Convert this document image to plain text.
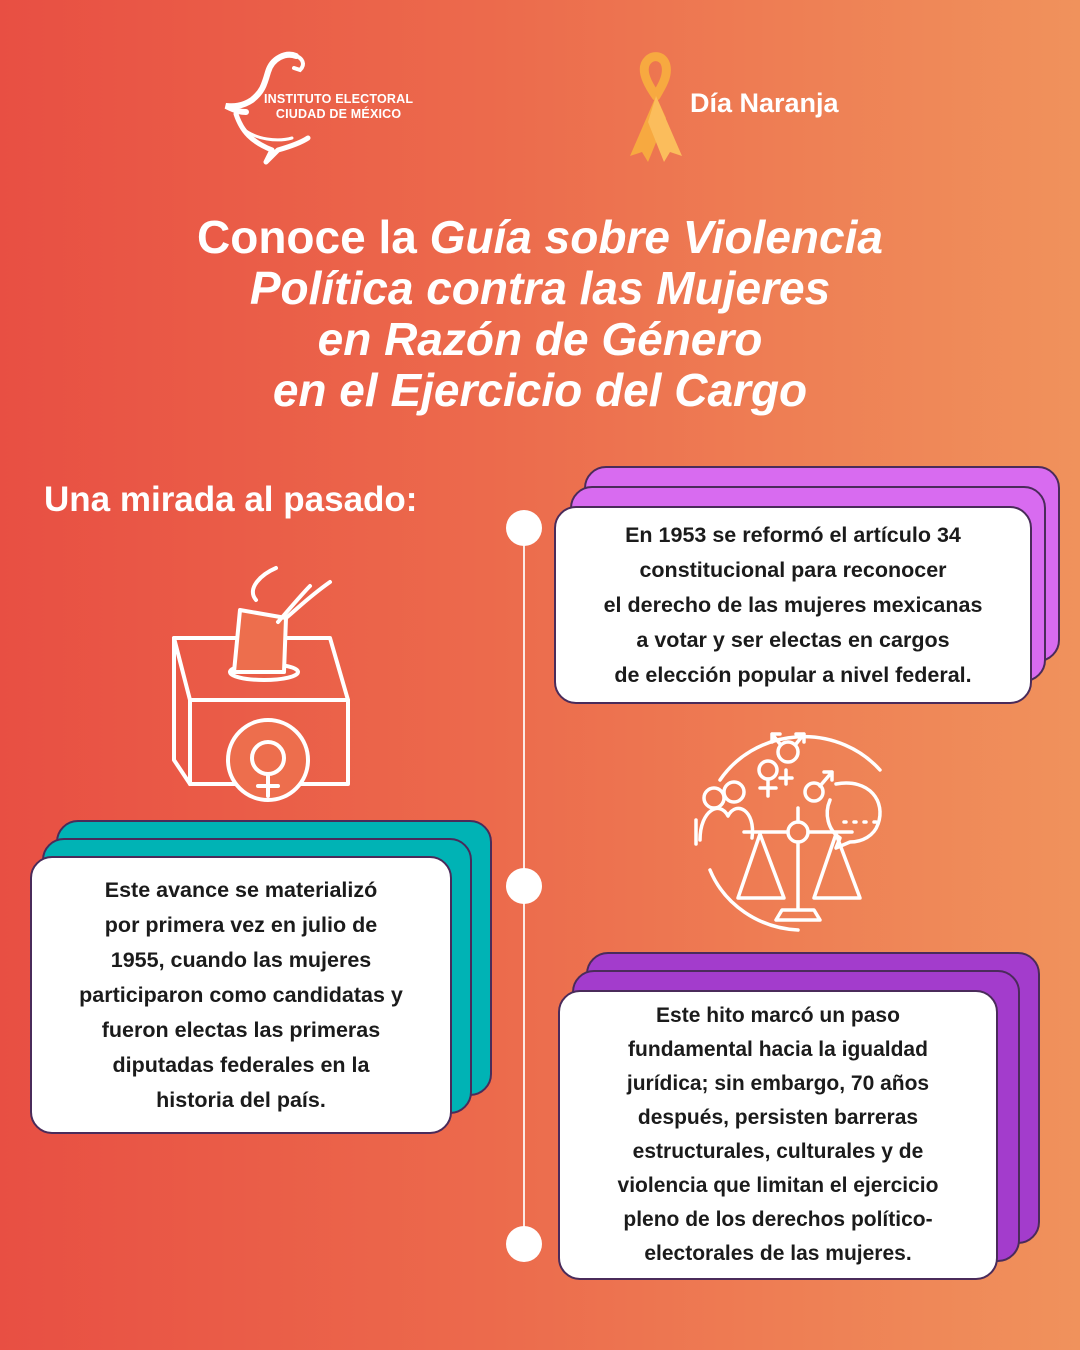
INSTITUTO ELECTORAL
CIUDAD DE MÉXICO	Día Naranja
Conoce la Guía sobre Violencia
Política contra las Mujeres
en Razón de Género
en el Ejercicio del Cargo
Una mirada al pasado:
En 1953 se reformó el artículo 34
constitucional para reconocer
el derecho de las mujeres mexicanas
a votar y ser electas en cargos
de elección popular a nivel federal.
Este avance se materializó
por primera vez en julio de
1955, cuando las mujeres
participaron como candidatas y
fueron electas las primeras
diputadas federales en la
historia del país.
Este hito marcó un paso
fundamental hacia la igualdad
jurídica; sin embargo, 70 años
después, persisten barreras
estructurales, culturales y de
violencia que limitan el ejercicio
pleno de los derechos político-
electorales de las mujeres.
